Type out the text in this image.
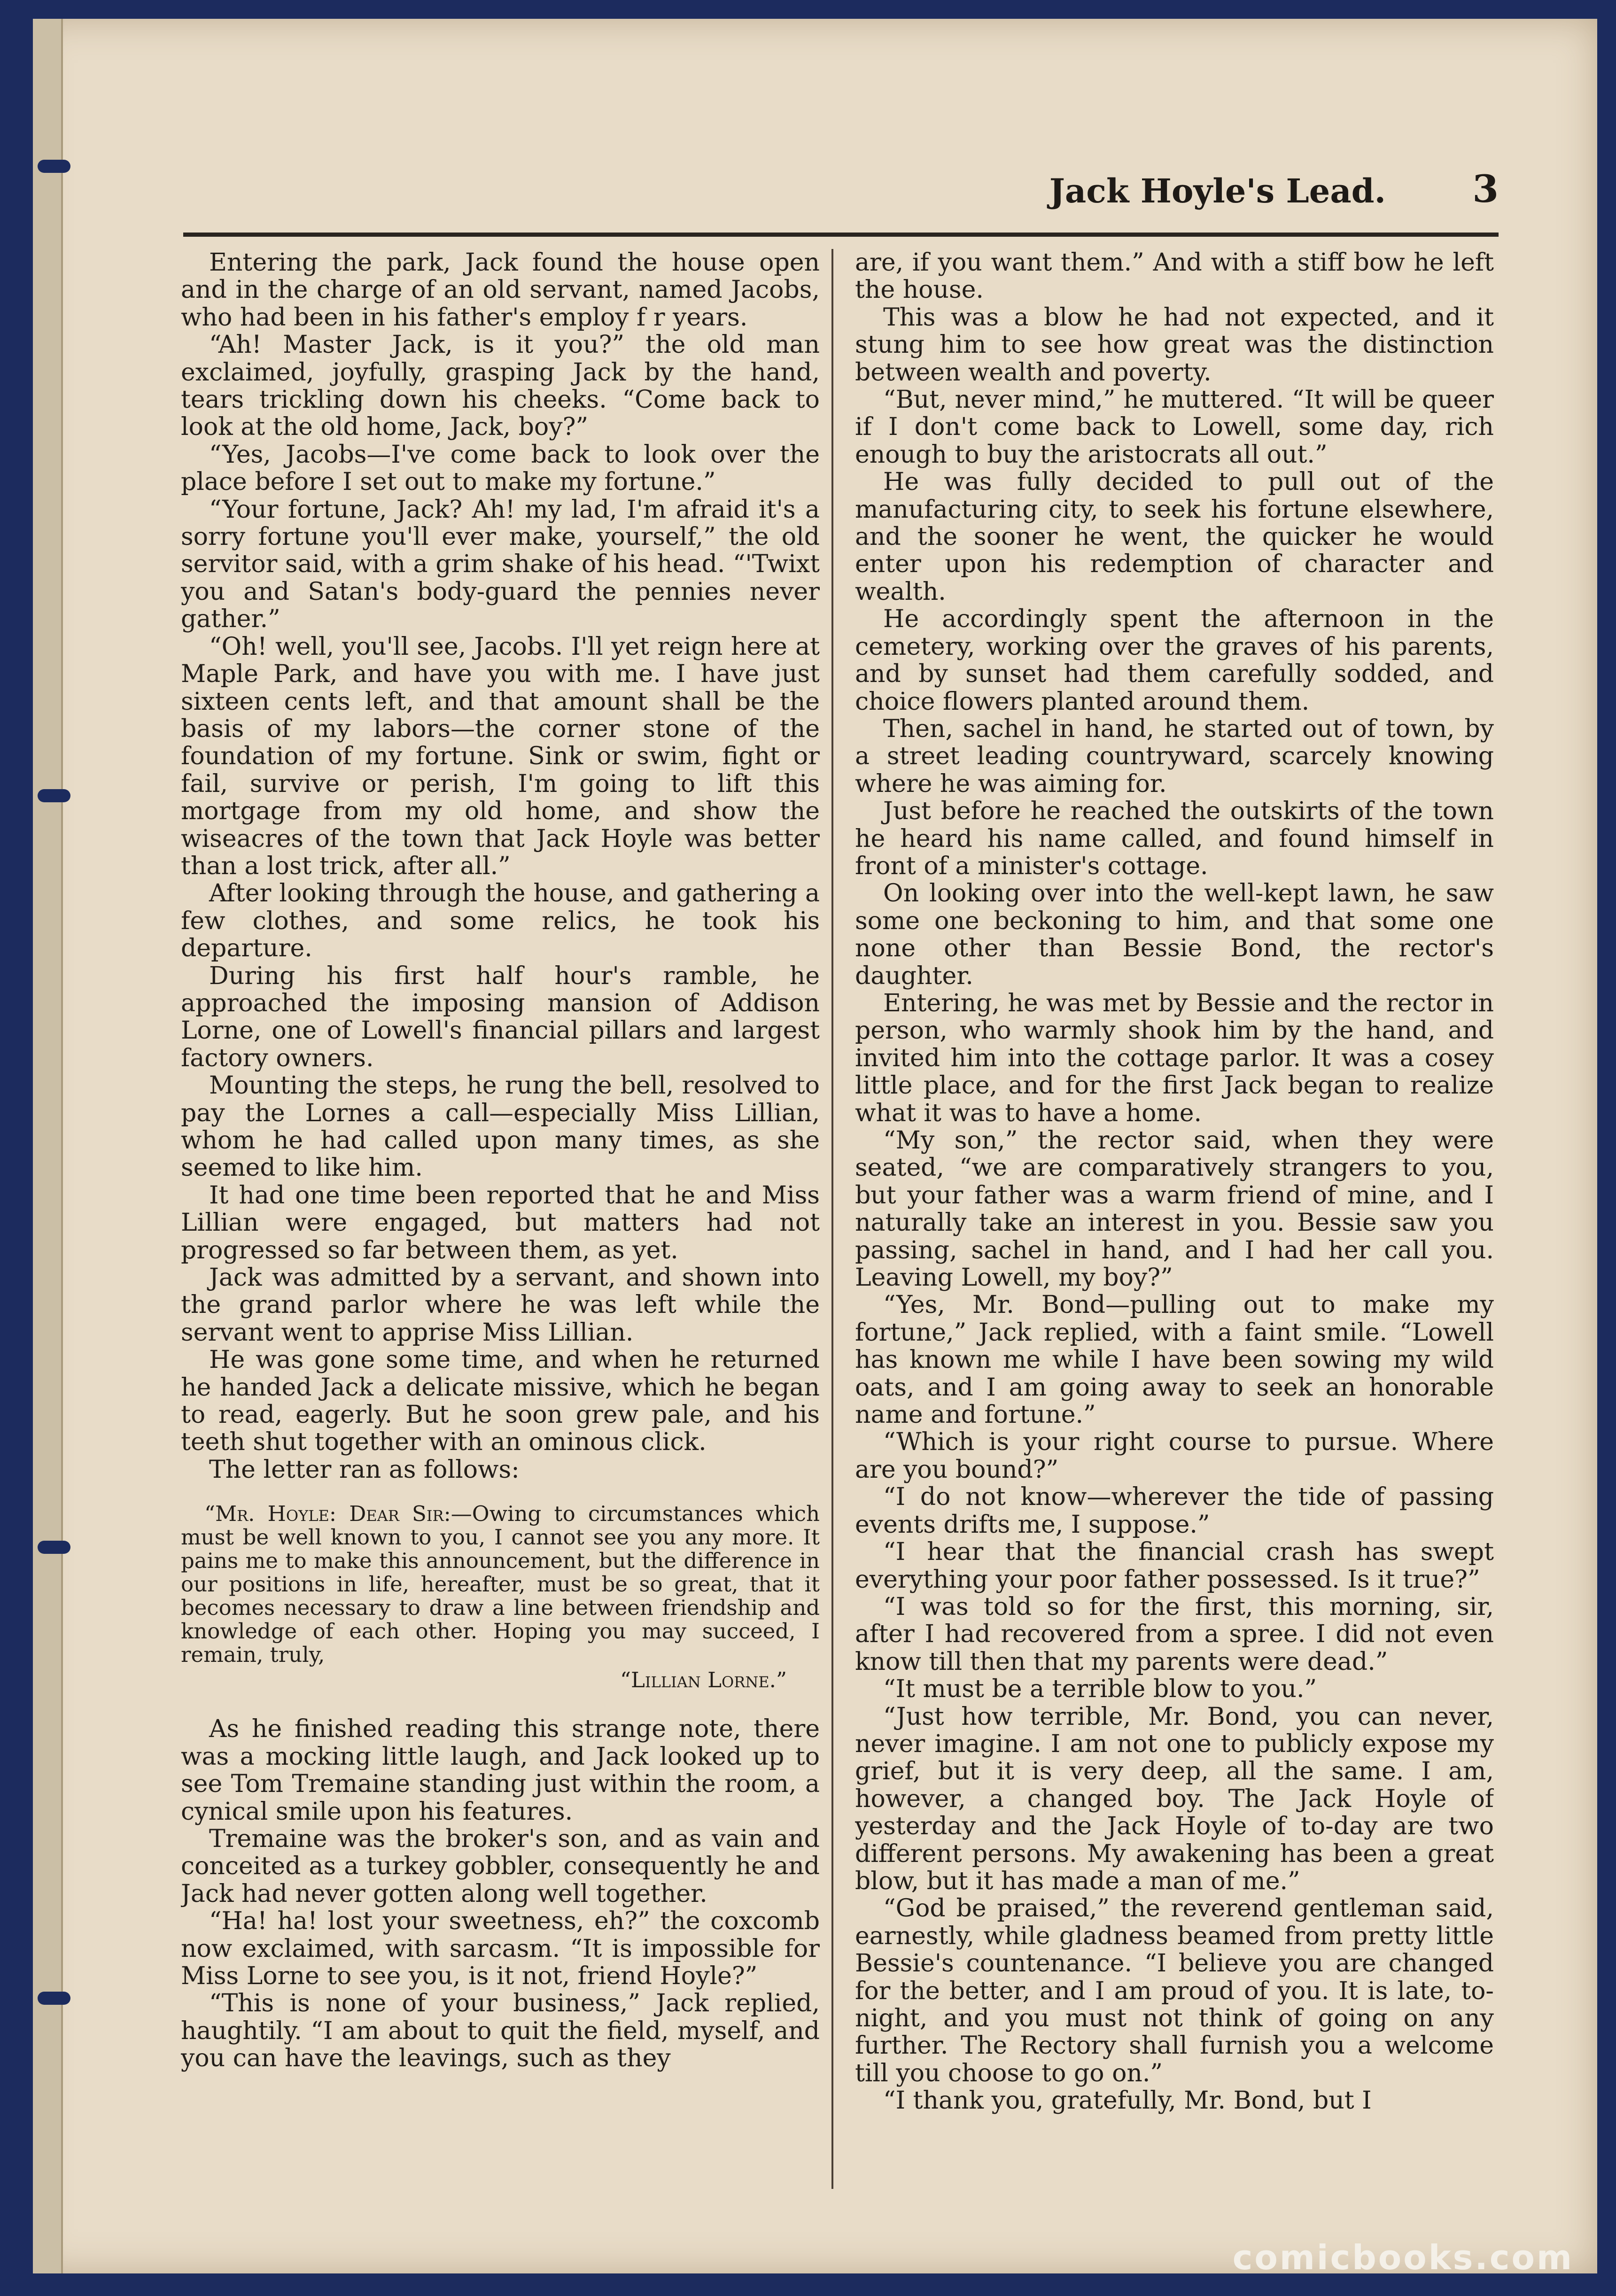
Jack Hoyle's Lead. 3

Entering the park, Jack found the house open and in the charge of an old servant, named Jacobs, who had been in his father's employ f r years.

“Ah! Master Jack, is it you?” the old man exclaimed, joyfully, grasping Jack by the hand, tears trickling down his cheeks. “Come back to look at the old home, Jack, boy?”

“Yes, Jacobs—I've come back to look over the place before I set out to make my fortune.”

“Your fortune, Jack? Ah! my lad, I'm afraid it's a sorry fortune you'll ever make, yourself,” the old servitor said, with a grim shake of his head. “'Twixt you and Satan's body-guard the pennies never gather.”

“Oh! well, you'll see, Jacobs. I'll yet reign here at Maple Park, and have you with me. I have just sixteen cents left, and that amount shall be the basis of my labors—the corner stone of the foundation of my fortune. Sink or swim, fight or fail, survive or perish, I'm going to lift this mortgage from my old home, and show the wiseacres of the town that Jack Hoyle was better than a lost trick, after all.”

After looking through the house, and gathering a few clothes, and some relics, he took his departure.

During his first half hour's ramble, he approached the imposing mansion of Addison Lorne, one of Lowell's financial pillars and largest factory owners.

Mounting the steps, he rung the bell, resolved to pay the Lornes a call—especially Miss Lillian, whom he had called upon many times, as she seemed to like him.

It had one time been reported that he and Miss Lillian were engaged, but matters had not progressed so far between them, as yet.

Jack was admitted by a servant, and shown into the grand parlor where he was left while the servant went to apprise Miss Lillian.

He was gone some time, and when he returned he handed Jack a delicate missive, which he began to read, eagerly. But he soon grew pale, and his teeth shut together with an ominous click.

The letter ran as follows:

“Mr. Hoyle: Dear Sir:—Owing to circumstances which must be well known to you, I cannot see you any more. It pains me to make this announcement, but the difference in our positions in life, hereafter, must be so great, that it becomes necessary to draw a line between friendship and knowledge of each other. Hoping you may succeed, I remain, truly,

“Lillian Lorne.”

As he finished reading this strange note, there was a mocking little laugh, and Jack looked up to see Tom Tremaine standing just within the room, a cynical smile upon his features.

Tremaine was the broker's son, and as vain and conceited as a turkey gobbler, consequently he and Jack had never gotten along well together.

“Ha! ha! lost your sweetness, eh?” the coxcomb now exclaimed, with sarcasm. “It is impossible for Miss Lorne to see you, is it not, friend Hoyle?”

“This is none of your business,” Jack replied, haughtily. “I am about to quit the field, myself, and you can have the leavings, such as they

are, if you want them.” And with a stiff bow he left the house.

This was a blow he had not expected, and it stung him to see how great was the distinction between wealth and poverty.

“But, never mind,” he muttered. “It will be queer if I don't come back to Lowell, some day, rich enough to buy the aristocrats all out.”

He was fully decided to pull out of the manufacturing city, to seek his fortune elsewhere, and the sooner he went, the quicker he would enter upon his redemption of character and wealth.

He accordingly spent the afternoon in the cemetery, working over the graves of his parents, and by sunset had them carefully sodded, and choice flowers planted around them.

Then, sachel in hand, he started out of town, by a street leading countryward, scarcely knowing where he was aiming for.

Just before he reached the outskirts of the town he heard his name called, and found himself in front of a minister's cottage.

On looking over into the well-kept lawn, he saw some one beckoning to him, and that some one none other than Bessie Bond, the rector's daughter.

Entering, he was met by Bessie and the rector in person, who warmly shook him by the hand, and invited him into the cottage parlor. It was a cosey little place, and for the first Jack began to realize what it was to have a home.

“My son,” the rector said, when they were seated, “we are comparatively strangers to you, but your father was a warm friend of mine, and I naturally take an interest in you. Bessie saw you passing, sachel in hand, and I had her call you. Leaving Lowell, my boy?”

“Yes, Mr. Bond—pulling out to make my fortune,” Jack replied, with a faint smile. “Lowell has known me while I have been sowing my wild oats, and I am going away to seek an honorable name and fortune.”

“Which is your right course to pursue. Where are you bound?”

“I do not know—wherever the tide of passing events drifts me, I suppose.”

“I hear that the financial crash has swept everything your poor father possessed. Is it true?”

“I was told so for the first, this morning, sir, after I had recovered from a spree. I did not even know till then that my parents were dead.”

“It must be a terrible blow to you.”

“Just how terrible, Mr. Bond, you can never, never imagine. I am not one to publicly expose my grief, but it is very deep, all the same. I am, however, a changed boy. The Jack Hoyle of yesterday and the Jack Hoyle of to-day are two different persons. My awakening has been a great blow, but it has made a man of me.”

“God be praised,” the reverend gentleman said, earnestly, while gladness beamed from pretty little Bessie's countenance. “I believe you are changed for the better, and I am proud of you. It is late, to-night, and you must not think of going on any further. The Rectory shall furnish you a welcome till you choose to go on.”

“I thank you, gratefully, Mr. Bond, but I

comicbooks.com
